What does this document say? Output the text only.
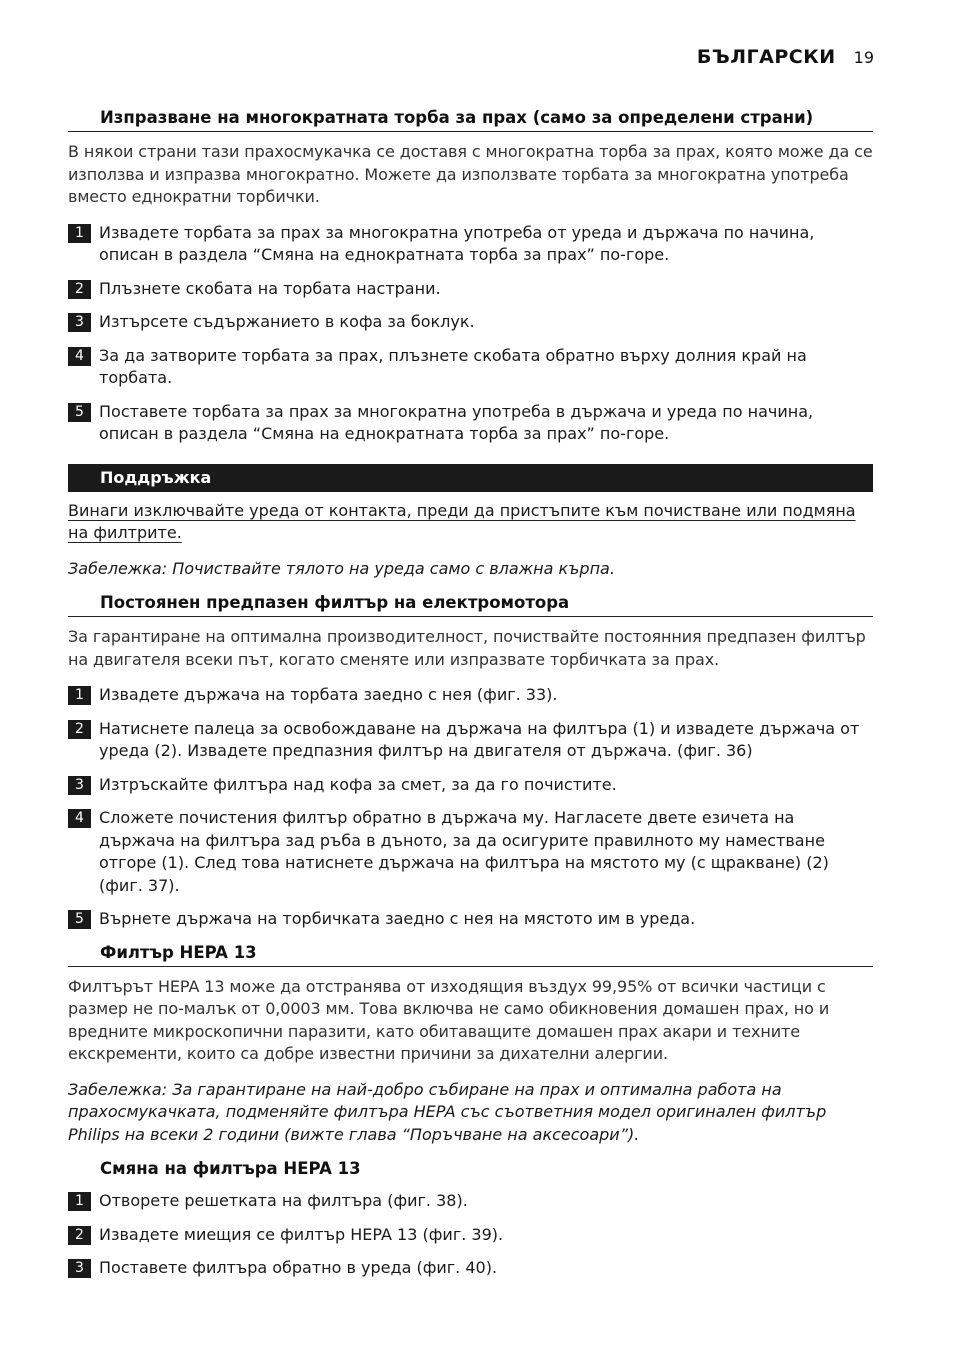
БЪЛГАРСКИ 19
Изпразване на многократната торба за прах (само за определени страни)

В някои страни тази прахосмукачка се доставя с многократна торба за прах, която може да се използва и изпразва многократно. Можете да използвате торбата за многократна употреба вместо еднократни торбички.

1 Извадете торбата за прах за многократна употреба от уреда и държача по начина, описан в раздела “Смяна на еднократната торба за прах” по-горе.
2 Плъзнете скобата на торбата настрани.
3 Изтърсете съдържанието в кофа за боклук.
4 За да затворите торбата за прах, плъзнете скобата обратно върху долния край на торбата.
5 Поставете торбата за прах за многократна употреба в държача и уреда по начина, описан в раздела “Смяна на еднократната торба за прах” по-горе.
Поддръжка

Винаги изключвайте уреда от контакта, преди да пристъпите към почистване или подмяна на филтрите.

Забележка: Почиствайте тялото на уреда само с влажна кърпа.

Постоянен предпазен филтър на електромотора

За гарантиране на оптимална производителност, почиствайте постоянния предпазен филтър на двигателя всеки път, когато сменяте или изпразвате торбичката за прах.

1 Извадете държача на торбата заедно с нея (фиг. 33).
2 Натиснете палеца за освобождаване на държача на филтъра (1) и извадете държача от уреда (2). Извадете предпазния филтър на двигателя от държача. (фиг. 36)
3 Изтръскайте филтъра над кофа за смет, за да го почистите.
4 Сложете почистения филтър обратно в държача му. Нагласете двете езичета на държача на филтъра зад ръба в дъното, за да осигурите правилното му наместване отгоре (1). След това натиснете държача на филтъра на мястото му (с щракване) (2) (фиг. 37).
5 Върнете държача на торбичката заедно с нея на мястото им в уреда.
Филтър HEPA 13

Филтърът HEPA 13 може да отстранява от изходящия въздух 99,95% от всички частици с размер не по-малък от 0,0003 мм. Това включва не само обикновения домашен прах, но и вредните микроскопични паразити, като обитаващите домашен прах акари и техните екскременти, които са добре известни причини за дихателни алергии.

Забележка: За гарантиране на най-добро събиране на прах и оптимална работа на прахосмукачката, подменяйте филтъра HEPA със съответния модел оригинален филтър Philips на всеки 2 години (вижте глава “Поръчване на аксесоари”).

Смяна на филтъра HEPA 13
1 Отворете решетката на филтъра (фиг. 38).
2 Извадете миещия се филтър HEPA 13 (фиг. 39).
3 Поставете филтъра обратно в уреда (фиг. 40).
